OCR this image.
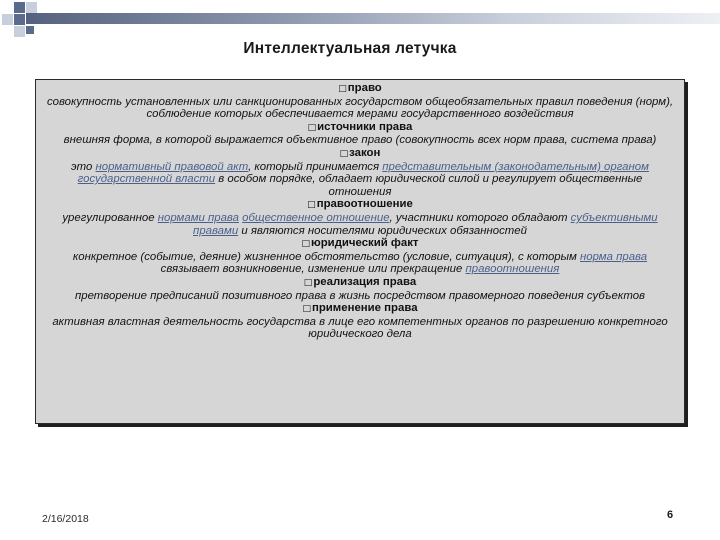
Интеллектуальная летучка
□право
совокупность установленных или санкционированных государством общеобязательных правил поведения (норм), соблюдение которых обеспечивается мерами государственного воздействия
□источники права
внешняя форма, в которой выражается объективное право (совокупность всех норм права, система права)
□закон
это нормативный правовой акт, который принимается представительным (законодательным) органом государственной власти в особом порядке, обладает юридической силой и регулирует общественные отношения
□правоотношение
урегулированное нормами права общественное отношение, участники которого обладают субъективными правами и являются носителями юридических обязанностей
□юридический факт
конкретное (событие, деяние) жизненное обстоятельство (условие, ситуация), с которым норма права связывает возникновение, изменение или прекращение правоотношения
□реализация права
претворение предписаний позитивного права в жизнь посредством правомерного поведения субъектов
□применение права
активная властная деятельность государства в лице его компетентных органов по разрешению конкретного юридического дела
2/16/2018	6
